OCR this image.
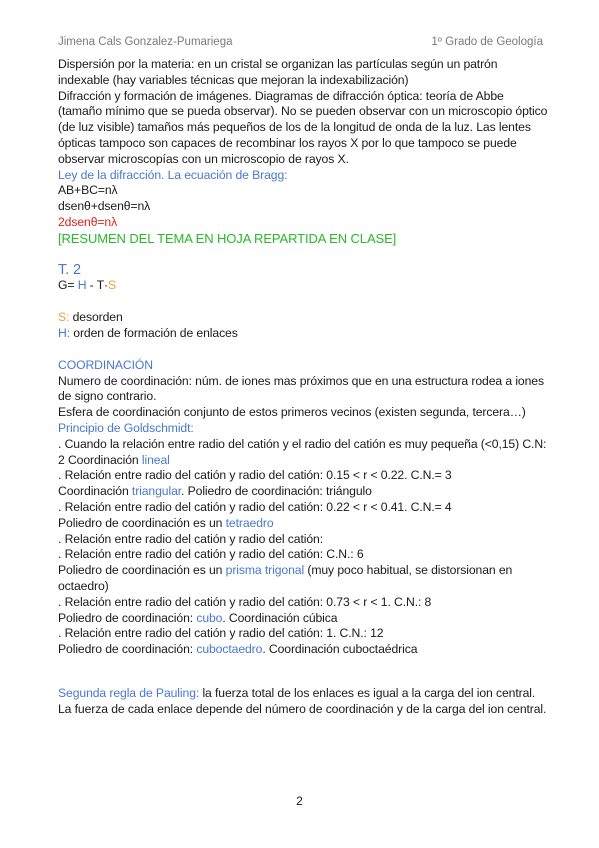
Jimena Cals Gonzalez-Pumariega	1º Grado de Geología

Dispersión por la materia: en un cristal se organizan las partículas según un patrón indexable (hay variables técnicas que mejoran la indexabilización)

Difracción y formación de imágenes. Diagramas de difracción óptica: teoría de Abbe (tamaño mínimo que se pueda observar). No se pueden observar con un microscopio óptico (de luz visible) tamaños más pequeños de los de la longitud de onda de la luz. Las lentes ópticas tampoco son capaces de recombinar los rayos X por lo que tampoco se puede observar microscopías con un microscopio de rayos X.

Ley de la difracción. La ecuación de Bragg:

AB+BC=nλ

dsenθ+dsenθ=nλ

2dsenθ=nλ

[RESUMEN DEL TEMA EN HOJA REPARTIDA EN CLASE]

T. 2

G= H - T·S

S: desorden

H: orden de formación de enlaces

COORDINACIÓN

Numero de coordinación: núm. de iones mas próximos que en una estructura rodea a iones de signo contrario.

Esfera de coordinación conjunto de estos primeros vecinos (existen segunda, tercera…)

Principio de Goldschmidt:

. Cuando la relación entre radio del catión y el radio del catión es muy pequeña (<0,15) C.N: 2 Coordinación lineal

. Relación entre radio del catión y radio del catión: 0.15 < r < 0.22. C.N.= 3

Coordinación triangular. Poliedro de coordinación: triángulo

. Relación entre radio del catión y radio del catión: 0.22 < r < 0.41. C.N.= 4

Poliedro de coordinación es un tetraedro

. Relación entre radio del catión y radio del catión:

. Relación entre radio del catión y radio del catión: C.N.: 6

Poliedro de coordinación es un prisma trigonal (muy poco habitual, se distorsionan en octaedro)

. Relación entre radio del catión y radio del catión: 0.73 < r < 1. C.N.: 8

Poliedro de coordinación: cubo. Coordinación cúbica

. Relación entre radio del catión y radio del catión: 1. C.N.: 12

Poliedro de coordinación: cuboctaedro. Coordinación cuboctaédrica

Segunda regla de Pauling: la fuerza total de los enlaces es igual a la carga del ion central. La fuerza de cada enlace depende del número de coordinación y de la carga del ion central.

2
